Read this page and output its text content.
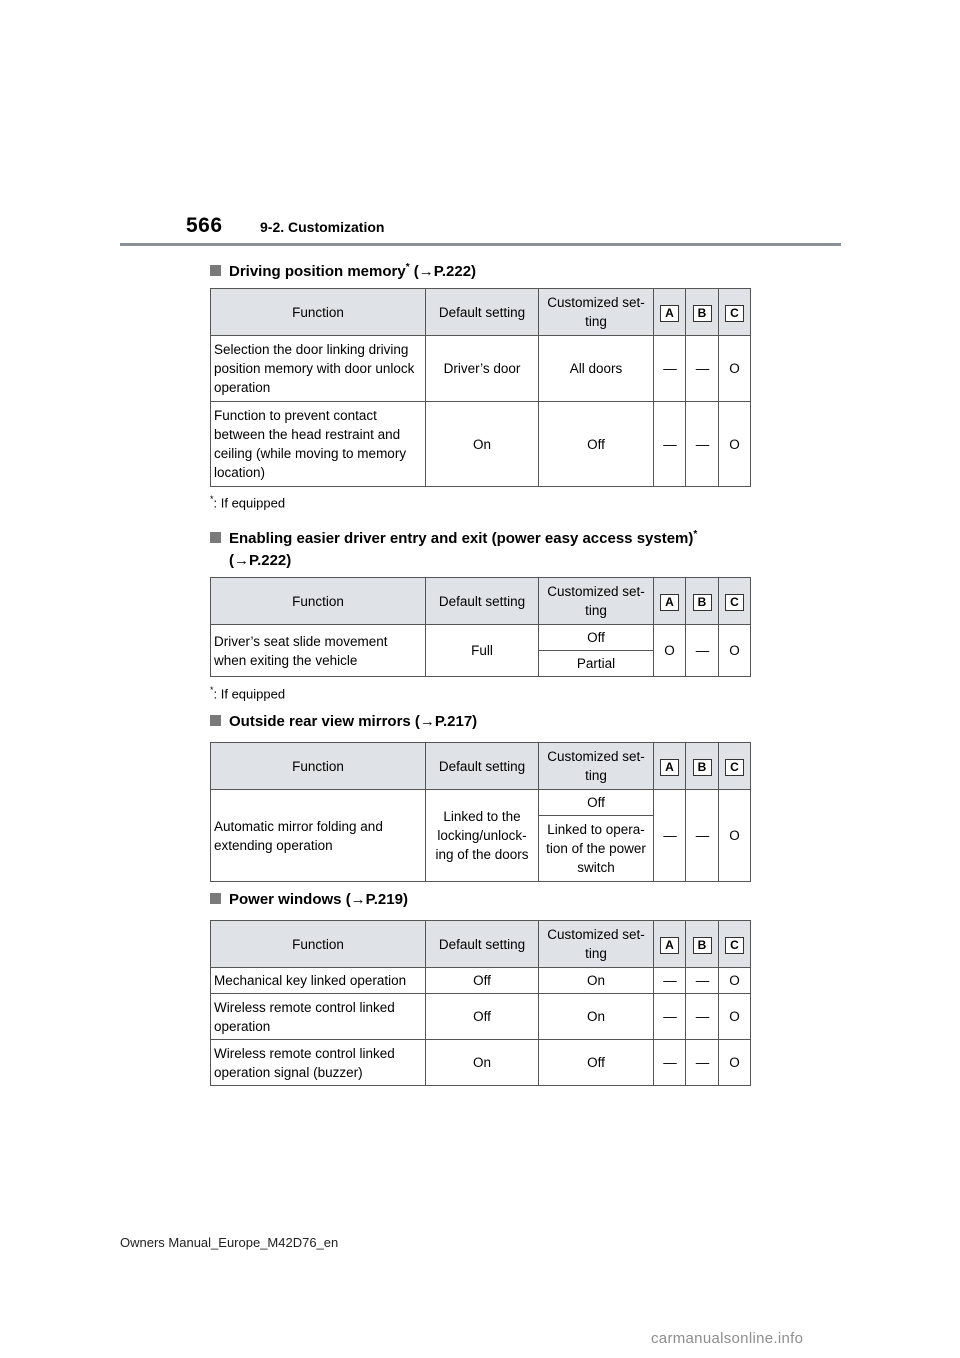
566	9-2. Customization
Driving position memory* (→P.222)
Function	Default setting	Customized set-ting	A	B	C
Selection the door linking driving position memory with door unlock operation	Driver’s door	All doors	—	—	O
Function to prevent contact between the head restraint and ceiling (while moving to memory location)	On	Off	—	—	O
*: If equipped
Enabling easier driver entry and exit (power easy access system)*
(→P.222)
Function	Default setting	Customized set-ting	A	B	C
Driver’s seat slide movement when exiting the vehicle	Full	Off	O	—	O
		Partial			
*: If equipped
Outside rear view mirrors (→P.217)
Function	Default setting	Customized set-ting	A	B	C
Automatic mirror folding and extending operation	Linked to the locking/unlock-ing of the doors	Off	—	—	O
		Linked to opera-tion of the power switch			
Power windows (→P.219)
Function	Default setting	Customized set-ting	A	B	C
Mechanical key linked operation	Off	On	—	—	O
Wireless remote control linked operation	Off	On	—	—	O
Wireless remote control linked operation signal (buzzer)	On	Off	—	—	O
Owners Manual_Europe_M42D76_en
carmanualsonline.info
